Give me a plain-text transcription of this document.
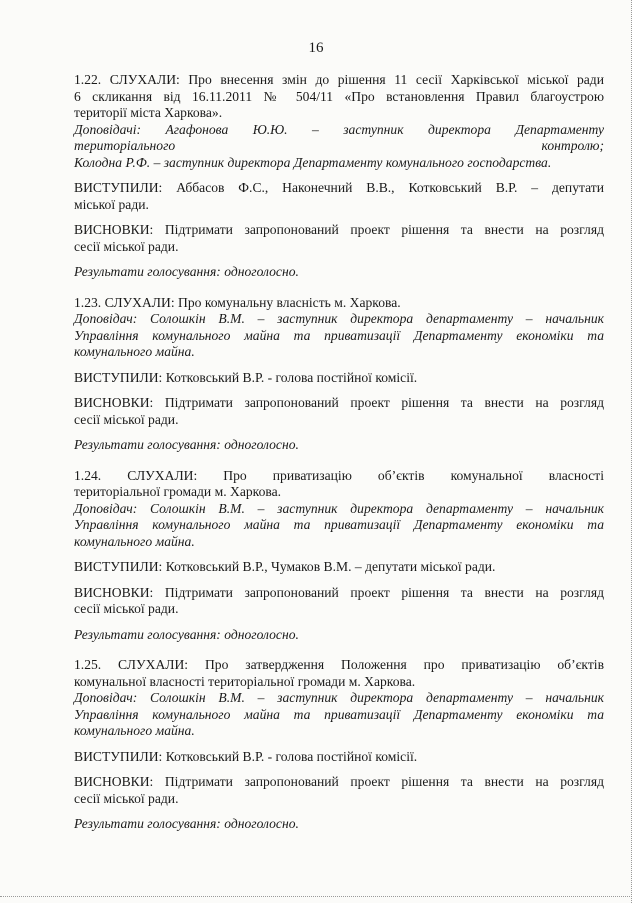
16
1.22. СЛУХАЛИ: Про внесення змін до рішення 11 сесії Харківської міської ради
6 скликання від 16.11.2011 № 504/11 «Про встановлення Правил благоустрою
території міста Харкова».
Доповідачі: Агафонова Ю.Ю. – заступник директора Департаменту
територіального контролю;
Колодна Р.Ф. – заступник директора Департаменту комунального господарства.
ВИСТУПИЛИ: Аббасов Ф.С., Наконечний В.В., Котковський В.Р. – депутати
міської ради.
ВИСНОВКИ: Підтримати запропонований проект рішення та внести на розгляд
сесії міської ради.
Результати голосування: одноголосно.
1.23. СЛУХАЛИ: Про комунальну власність м. Харкова.
Доповідач: Солошкін В.М. – заступник директора департаменту – начальник
Управління комунального майна та приватизації Департаменту економіки та
комунального майна.
ВИСТУПИЛИ: Котковський В.Р. - голова постійної комісії.
ВИСНОВКИ: Підтримати запропонований проект рішення та внести на розгляд
сесії міської ради.
Результати голосування: одноголосно.
1.24. СЛУХАЛИ: Про приватизацію об’єктів комунальної власності
територіальної громади м. Харкова.
Доповідач: Солошкін В.М. – заступник директора департаменту – начальник
Управління комунального майна та приватизації Департаменту економіки та
комунального майна.
ВИСТУПИЛИ: Котковський В.Р., Чумаков В.М. – депутати міської ради.
ВИСНОВКИ: Підтримати запропонований проект рішення та внести на розгляд
сесії міської ради.
Результати голосування: одноголосно.
1.25. СЛУХАЛИ: Про затвердження Положення про приватизацію об’єктів
комунальної власності територіальної громади м. Харкова.
Доповідач: Солошкін В.М. – заступник директора департаменту – начальник
Управління комунального майна та приватизації Департаменту економіки та
комунального майна.
ВИСТУПИЛИ: Котковський В.Р. - голова постійної комісії.
ВИСНОВКИ: Підтримати запропонований проект рішення та внести на розгляд
сесії міської ради.
Результати голосування: одноголосно.
